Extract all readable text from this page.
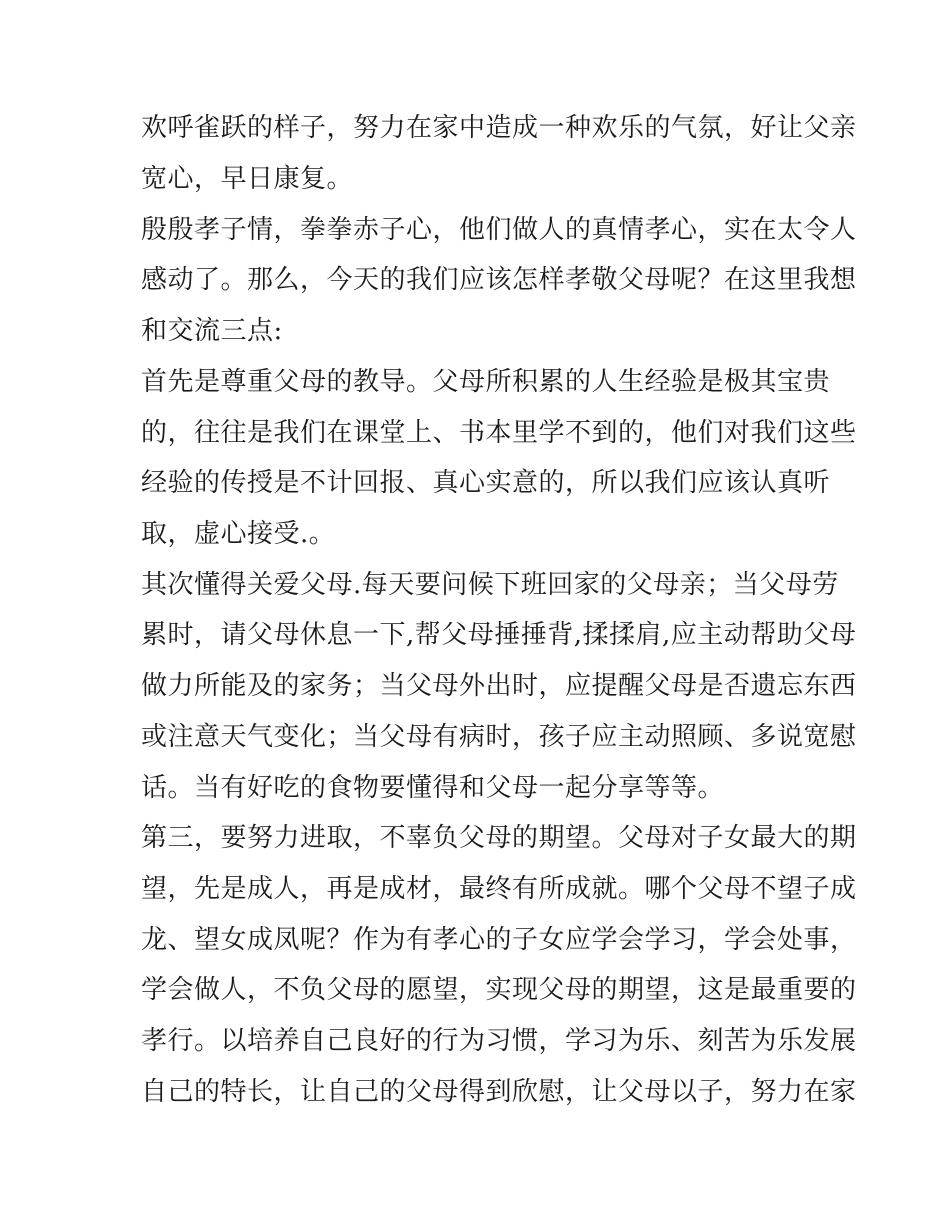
欢呼雀跃的样子，努力在家中造成一种欢乐的气氛，好让父亲
宽心，早日康复。
殷殷孝子情，拳拳赤子心，他们做人的真情孝心，实在太令人
感动了。那么，今天的我们应该怎样孝敬父母呢？在这里我想
和交流三点:
首先是尊重父母的教导。父母所积累的人生经验是极其宝贵
的，往往是我们在课堂上、书本里学不到的，他们对我们这些
经验的传授是不计回报、真心实意的，所以我们应该认真听
取，虚心接受.。
其次懂得关爱父母.每天要问候下班回家的父母亲；当父母劳
累时，请父母休息一下,帮父母捶捶背,揉揉肩,应主动帮助父母
做力所能及的家务；当父母外出时，应提醒父母是否遗忘东西
或注意天气变化；当父母有病时，孩子应主动照顾、多说宽慰
话。当有好吃的食物要懂得和父母一起分享等等。
第三，要努力进取，不辜负父母的期望。父母对子女最大的期
望，先是成人，再是成材，最终有所成就。哪个父母不望子成
龙、望女成凤呢？作为有孝心的子女应学会学习，学会处事，
学会做人，不负父母的愿望，实现父母的期望，这是最重要的
孝行。以培养自己良好的行为习惯，学习为乐、刻苦为乐发展
自己的特长，让自己的父母得到欣慰，让父母以子，努力在家
